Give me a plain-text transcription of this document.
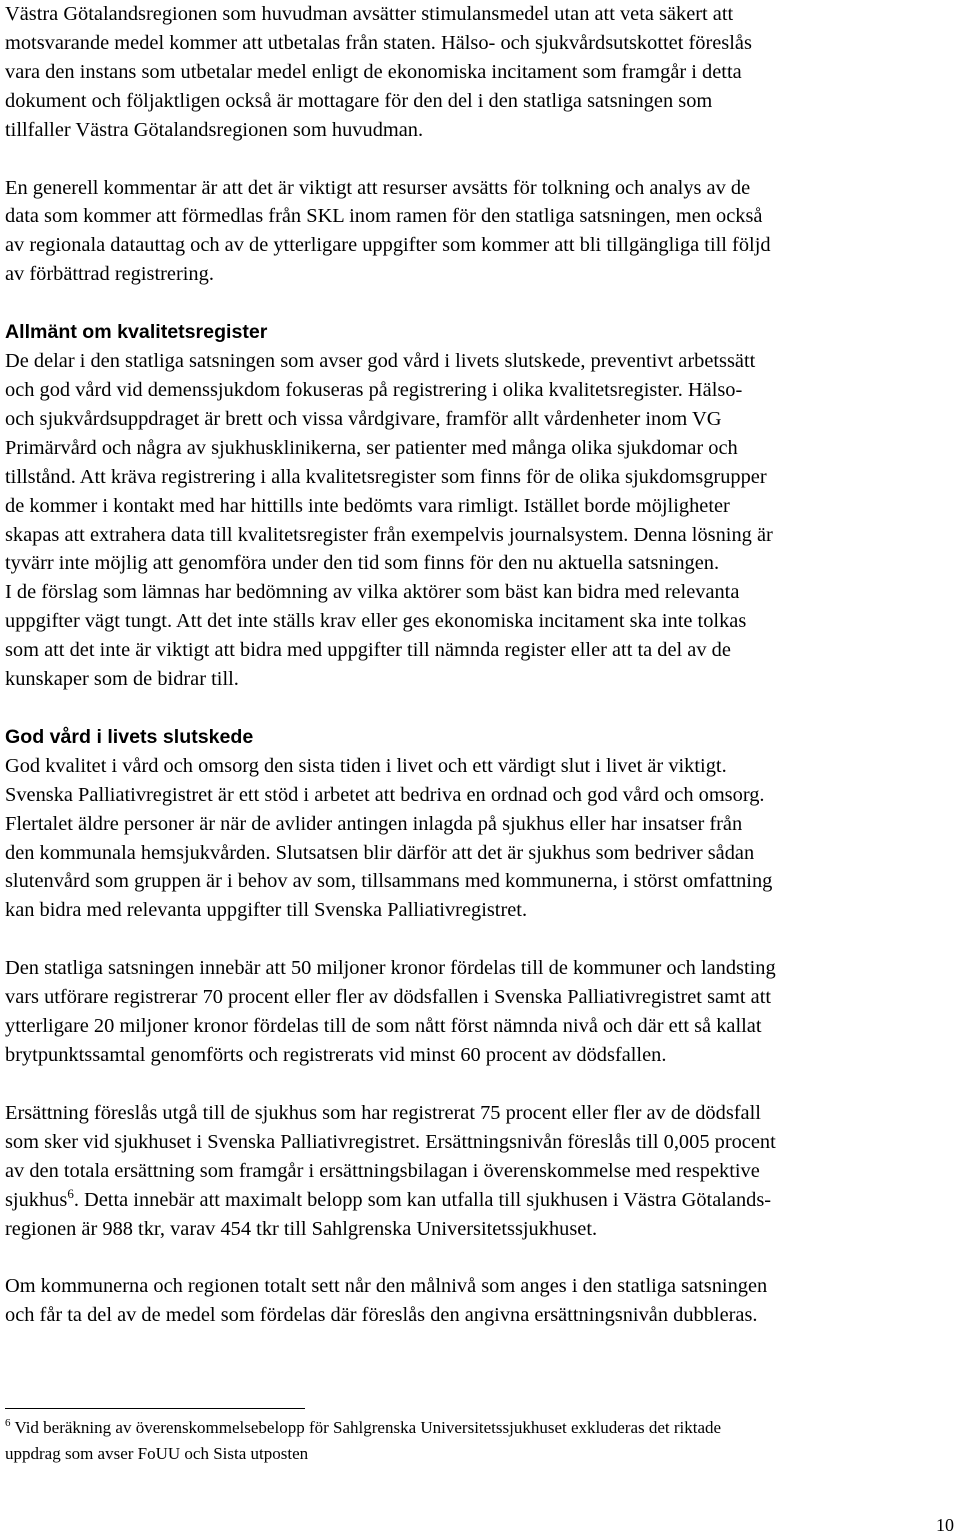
Västra Götalandsregionen som huvudman avsätter stimulansmedel utan att veta säkert att
motsvarande medel kommer att utbetalas från staten. Hälso- och sjukvårdsutskottet föreslås
vara den instans som utbetalar medel enligt de ekonomiska incitament som framgår i detta
dokument och följaktligen också är mottagare för den del i den statliga satsningen som
tillfaller Västra Götalandsregionen som huvudman.

En generell kommentar är att det är viktigt att resurser avsätts för tolkning och analys av de
data som kommer att förmedlas från SKL inom ramen för den statliga satsningen, men också
av regionala datauttag och av de ytterligare uppgifter som kommer att bli tillgängliga till följd
av förbättrad registrering.

Allmänt om kvalitetsregister

De delar i den statliga satsningen som avser god vård i livets slutskede, preventivt arbetssätt
och god vård vid demenssjukdom fokuseras på registrering i olika kvalitetsregister. Hälso-
och sjukvårdsuppdraget är brett och vissa vårdgivare, framför allt vårdenheter inom VG
Primärvård och några av sjukhusklinikerna, ser patienter med många olika sjukdomar och
tillstånd. Att kräva registrering i alla kvalitetsregister som finns för de olika sjukdomsgrupper
de kommer i kontakt med har hittills inte bedömts vara rimligt. Istället borde möjligheter
skapas att extrahera data till kvalitetsregister från exempelvis journalsystem. Denna lösning är
tyvärr inte möjlig att genomföra under den tid som finns för den nu aktuella satsningen.
I de förslag som lämnas har bedömning av vilka aktörer som bäst kan bidra med relevanta
uppgifter vägt tungt. Att det inte ställs krav eller ges ekonomiska incitament ska inte tolkas
som att det inte är viktigt att bidra med uppgifter till nämnda register eller att ta del av de
kunskaper som de bidrar till.

God vård i livets slutskede

God kvalitet i vård och omsorg den sista tiden i livet och ett värdigt slut i livet är viktigt.
Svenska Palliativregistret är ett stöd i arbetet att bedriva en ordnad och god vård och omsorg.
Flertalet äldre personer är när de avlider antingen inlagda på sjukhus eller har insatser från
den kommunala hemsjukvården. Slutsatsen blir därför att det är sjukhus som bedriver sådan
slutenvård som gruppen är i behov av som, tillsammans med kommunerna, i störst omfattning
kan bidra med relevanta uppgifter till Svenska Palliativregistret.

Den statliga satsningen innebär att 50 miljoner kronor fördelas till de kommuner och landsting
vars utförare registrerar 70 procent eller fler av dödsfallen i Svenska Palliativregistret samt att
ytterligare 20 miljoner kronor fördelas till de som nått först nämnda nivå och där ett så kallat
brytpunktssamtal genomförts och registrerats vid minst 60 procent av dödsfallen.

Ersättning föreslås utgå till de sjukhus som har registrerat 75 procent eller fler av de dödsfall
som sker vid sjukhuset i Svenska Palliativregistret. Ersättningsnivån föreslås till 0,005 procent
av den totala ersättning som framgår i ersättningsbilagan i överenskommelse med respektive
sjukhus$^6$. Detta innebär att maximalt belopp som kan utfalla till sjukhusen i Västra Götalands-
regionen är 988 tkr, varav 454 tkr till Sahlgrenska Universitetssjukhuset.

Om kommunerna och regionen totalt sett når den målnivå som anges i den statliga satsningen
och får ta del av de medel som fördelas där föreslås den angivna ersättningsnivån dubbleras.

$^6$ Vid beräkning av överenskommelsebelopp för Sahlgrenska Universitetssjukhuset exkluderas det riktade
uppdrag som avser FoUU och Sista utposten
10
